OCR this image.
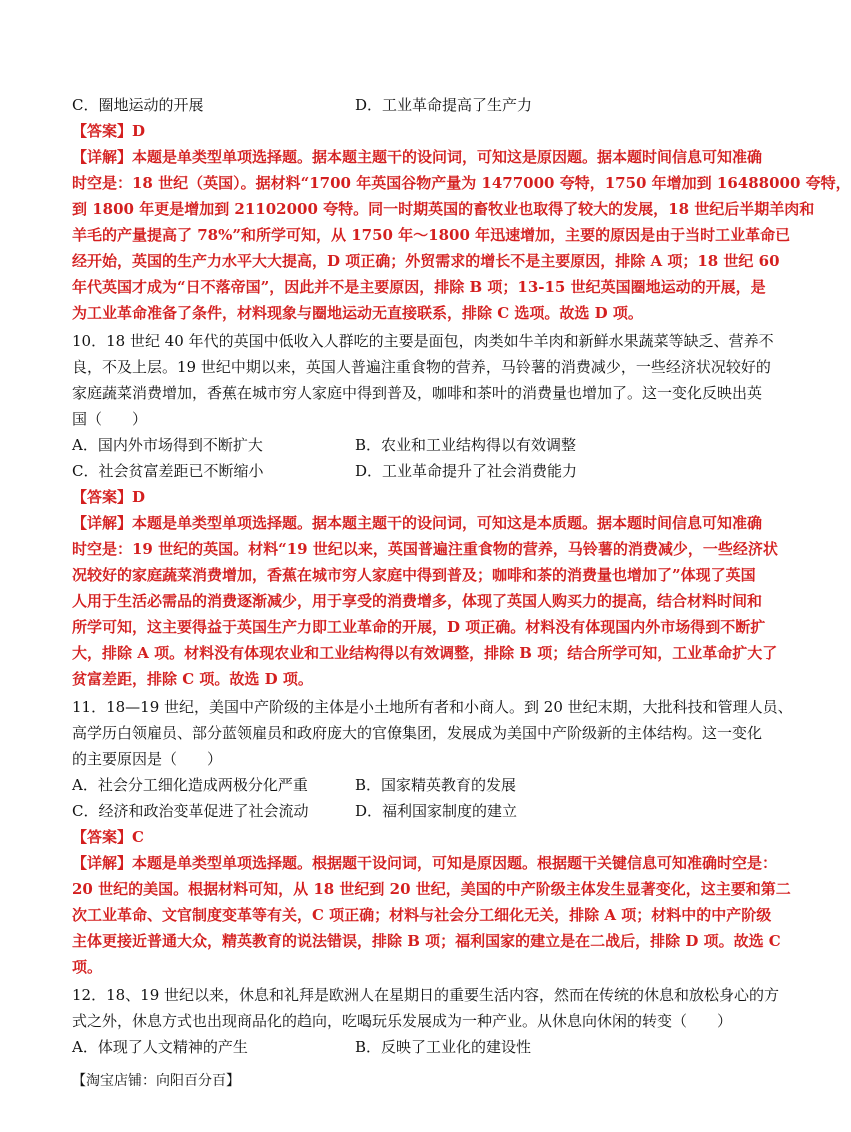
C．圈地运动的开展	D．工业革命提高了生产力
【答案】D
【详解】本题是单类型单项选择题。据本题主题干的设问词，可知这是原因题。据本题时间信息可知准确
时空是：18 世纪（英国）。据材料“1700 年英国谷物产量为 1477000 夸特，1750 年增加到 16488000 夸特，
到 1800 年更是增加到 21102000 夸特。同一时期英国的畜牧业也取得了较大的发展，18 世纪后半期羊肉和
羊毛的产量提高了 78%”和所学可知，从 1750 年～1800 年迅速增加，主要的原因是由于当时工业革命已
经开始，英国的生产力水平大大提高，D 项正确；外贸需求的增长不是主要原因，排除 A 项；18 世纪 60
年代英国才成为“日不落帝国”，因此并不是主要原因，排除 B 项；13-15 世纪英国圈地运动的开展，是
为工业革命准备了条件，材料现象与圈地运动无直接联系，排除 C 选项。故选 D 项。
10．18 世纪 40 年代的英国中低收入人群吃的主要是面包，肉类如牛羊肉和新鲜水果蔬菜等缺乏、营养不
良，不及上层。19 世纪中期以来，英国人普遍注重食物的营养，马铃薯的消费减少，一些经济状况较好的
家庭蔬菜消费增加，香蕉在城市穷人家庭中得到普及，咖啡和茶叶的消费量也增加了。这一变化反映出英
国（　　）
A．国内外市场得到不断扩大	B．农业和工业结构得以有效调整
C．社会贫富差距已不断缩小	D．工业革命提升了社会消费能力
【答案】D
【详解】本题是单类型单项选择题。据本题主题干的设问词，可知这是本质题。据本题时间信息可知准确
时空是：19 世纪的英国。材料“19 世纪以来，英国普遍注重食物的营养，马铃薯的消费减少，一些经济状
况较好的家庭蔬菜消费增加，香蕉在城市穷人家庭中得到普及；咖啡和茶的消费量也增加了”体现了英国
人用于生活必需品的消费逐渐减少，用于享受的消费增多，体现了英国人购买力的提高，结合材料时间和
所学可知，这主要得益于英国生产力即工业革命的开展，D 项正确。材料没有体现国内外市场得到不断扩
大，排除 A 项。材料没有体现农业和工业结构得以有效调整，排除 B 项；结合所学可知，工业革命扩大了
贫富差距，排除 C 项。故选 D 项。
11．18—19 世纪，美国中产阶级的主体是小土地所有者和小商人。到 20 世纪末期，大批科技和管理人员、
高学历白领雇员、部分蓝领雇员和政府庞大的官僚集团，发展成为美国中产阶级新的主体结构。这一变化
的主要原因是（　　）
A．社会分工细化造成两极分化严重	B．国家精英教育的发展
C．经济和政治变革促进了社会流动	D．福利国家制度的建立
【答案】C
【详解】本题是单类型单项选择题。根据题干设问词，可知是原因题。根据题干关键信息可知准确时空是：
20 世纪的美国。根据材料可知，从 18 世纪到 20 世纪，美国的中产阶级主体发生显著变化，这主要和第二
次工业革命、文官制度变革等有关，C 项正确；材料与社会分工细化无关，排除 A 项；材料中的中产阶级
主体更接近普通大众，精英教育的说法错误，排除 B 项；福利国家的建立是在二战后，排除 D 项。故选 C
项。
12．18、19 世纪以来，休息和礼拜是欧洲人在星期日的重要生活内容，然而在传统的休息和放松身心的方
式之外，休息方式也出现商品化的趋向，吃喝玩乐发展成为一种产业。从休息向休闲的转变（　　）
A．体现了人文精神的产生	B．反映了工业化的建设性
【淘宝店铺：向阳百分百】
